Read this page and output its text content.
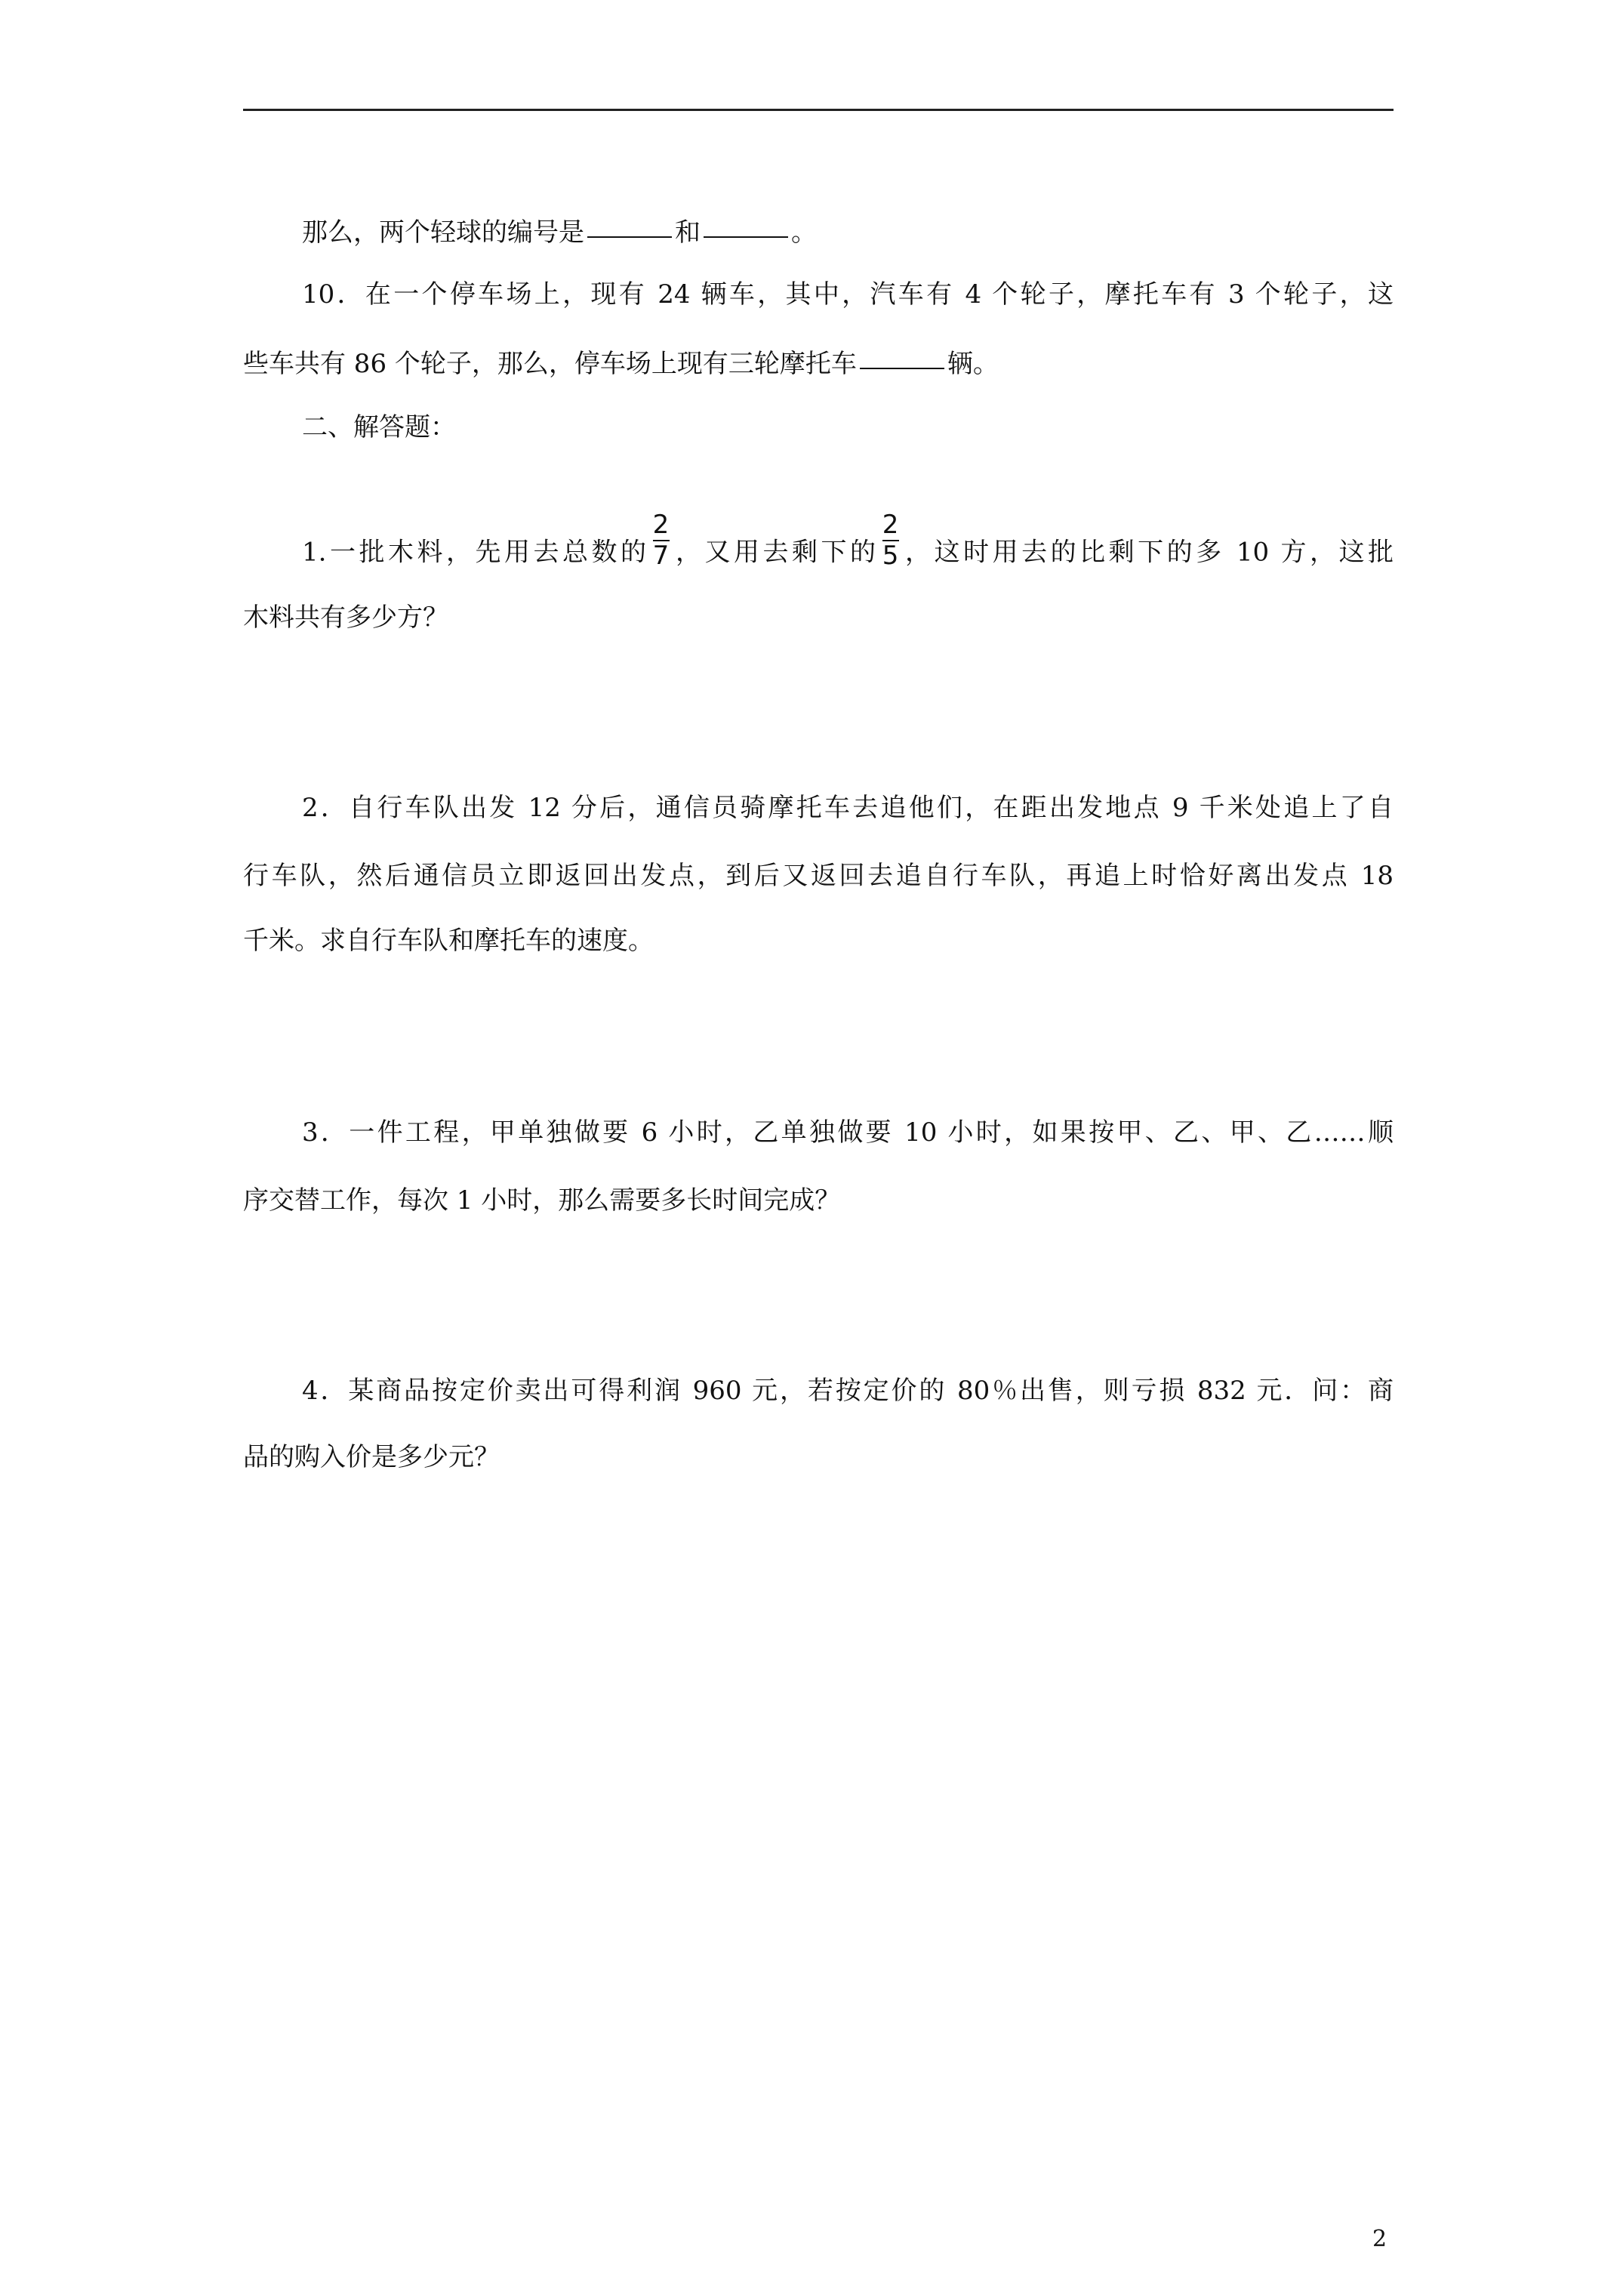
那么，两个轻球的编号是	和	。
10．在一个停车场上，现有 24 辆车，其中，汽车有 4 个轮子，摩托车有 3 个轮子，这
些车共有 86 个轮子，那么，停车场上现有三轮摩托车	辆。
二、解答题：
1.一批木料，先用去总数的 $\frac{2}{7}$ ，又用去剩下的 $\frac{2}{5}$ ，这时用去的比剩下的多 10 方，这批
木料共有多少方？
2．自行车队出发 12 分后，通信员骑摩托车去追他们，在距出发地点 9 千米处追上了自
行车队，然后通信员立即返回出发点，到后又返回去追自行车队，再追上时恰好离出发点 18
千米。求自行车队和摩托车的速度。
3．一件工程，甲单独做要 6 小时，乙单独做要 10 小时，如果按甲、乙、甲、乙……顺
序交替工作，每次 1 小时，那么需要多长时间完成？
4．某商品按定价卖出可得利润 960 元，若按定价的 80％出售，则亏损 832 元．问：商
品的购入价是多少元？
2
